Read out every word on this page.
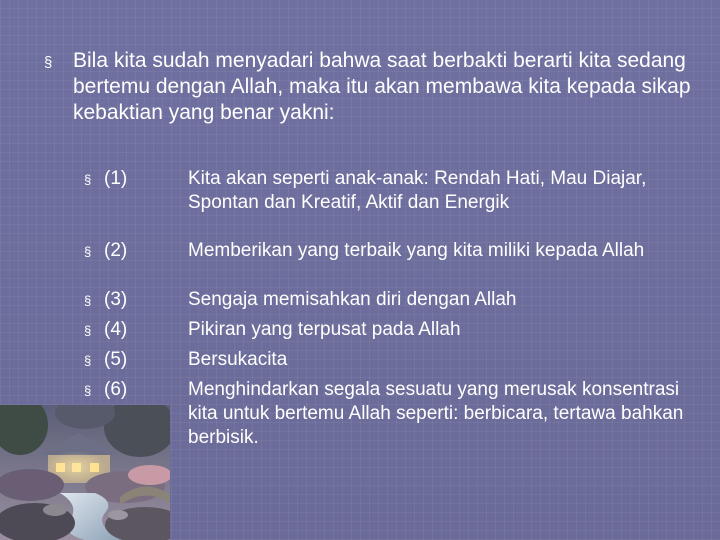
§ Bila kita sudah menyadari bahwa saat berbakti berarti kita sedang bertemu dengan Allah, maka itu akan membawa kita kepada sikap kebaktian yang benar yakni:
§ (1)	Kita akan seperti anak-anak: Rendah Hati, Mau Diajar, Spontan dan Kreatif, Aktif dan Energik
§ (2)	Memberikan yang terbaik yang kita miliki kepada Allah
§ (3)	Sengaja memisahkan diri dengan Allah
§ (4)	Pikiran yang terpusat pada Allah
§ (5)	Bersukacita
§ (6)	Menghindarkan segala sesuatu yang merusak konsentrasi kita untuk bertemu Allah seperti: berbicara, tertawa bahkan berbisik.
